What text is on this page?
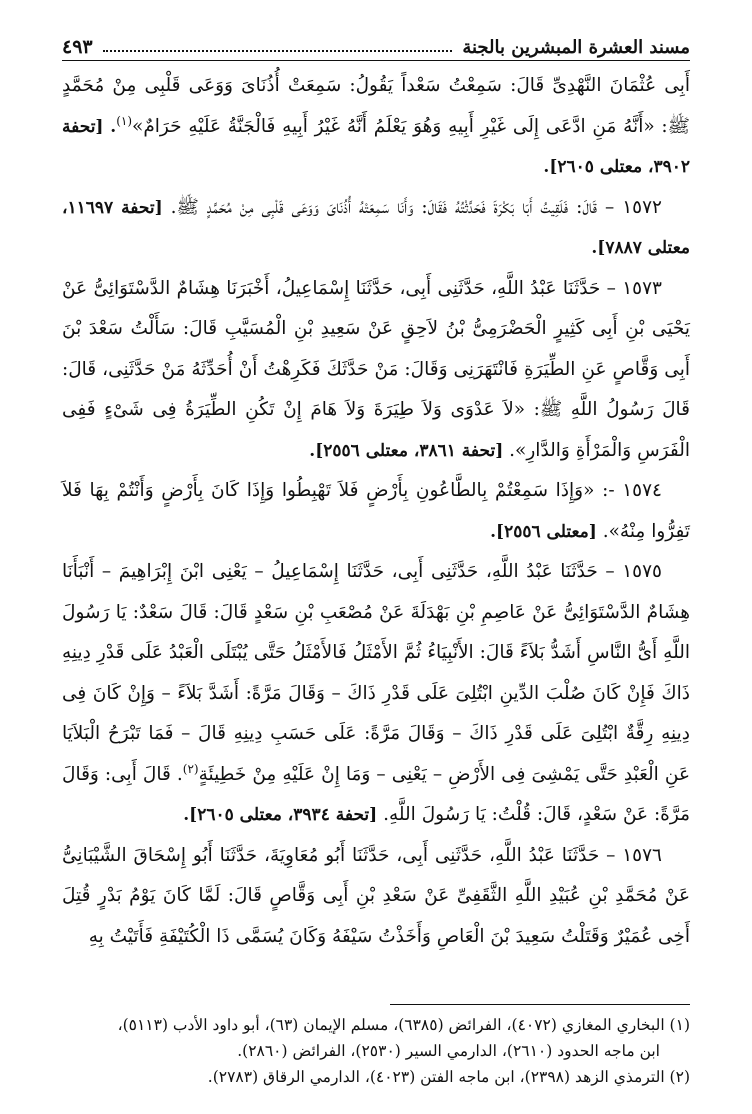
مسند العشرة المبشرين بالجنة
٤٩٣

أَبِى عُثْمَانَ النَّهْدِىِّ قَالَ: سَمِعْتُ سَعْداً يَقُولُ: سَمِعَتْ أُذُنَاىَ وَوَعَى قَلْبِى مِنْ مُحَمَّدٍ ﷺ: «أَنَّهُ مَنِ ادَّعَى إِلَى غَيْرِ أَبِيهِ وَهُوَ يَعْلَمُ أَنَّهُ غَيْرُ أَبِيهِ فَالْجَنَّةُ عَلَيْهِ حَرَامٌ»$^{(١)}$. [تحفة ٣٩٠٢، معتلى ٢٦٠٥].

١٥٧٢ – قَالَ: فَلَقِيتُ أَبَا بَكْرَةَ فَحَدَّثْتُهُ فَقَالَ: وَأَنَا سَمِعَتْهُ أُذُنَاىَ وَوَعَى قَلْبِى مِنْ مُحَمَّدٍ ﷺ. [تحفة ١١٦٩٧، معتلى ٧٨٨٧].

١٥٧٣ – حَدَّثَنَا عَبْدُ اللَّهِ، حَدَّثَنِى أَبِى، حَدَّثَنَا إِسْمَاعِيلُ، أَخْبَرَنَا هِشَامٌ الدَّسْتَوَائِىُّ عَنْ يَحْيَى بْنِ أَبِى كَثِيرٍ الْحَضْرَمِىُّ بْنُ لاَحِقٍ عَنْ سَعِيدِ بْنِ الْمُسَيَّبِ قَالَ: سَأَلْتُ سَعْدَ بْنَ أَبِى وَقَّاصٍ عَنِ الطِّيَرَةِ فَانْتَهَرَنِى وَقَالَ: مَنْ حَدَّثَكَ فَكَرِهْتُ أَنْ أُحَدِّثَهُ مَنْ حَدَّثَنِى، قَالَ: قَالَ رَسُولُ اللَّهِ ﷺ: «لاَ عَدْوَى وَلاَ طِيَرَةَ وَلاَ هَامَ إِنْ تَكُنِ الطِّيَرَةُ فِى شَىْءٍ فَفِى الْفَرَسِ وَالْمَرْأَةِ وَالدَّارِ». [تحفة ٣٨٦١، معتلى ٢٥٥٦].

١٥٧٤ -: «وَإِذَا سَمِعْتُمْ بِالطَّاعُونِ بِأَرْضٍ فَلاَ تَهْبِطُوا وَإِذَا كَانَ بِأَرْضٍ وَأَنْتُمْ بِهَا فَلاَ تَفِرُّوا مِنْهُ». [معتلى ٢٥٥٦].

١٥٧٥ – حَدَّثَنَا عَبْدُ اللَّهِ، حَدَّثَنِى أَبِى، حَدَّثَنَا إِسْمَاعِيلُ – يَعْنِى ابْنَ إِبْرَاهِيمَ – أَنْبَأَنَا هِشَامٌ الدَّسْتَوَائِىُّ عَنْ عَاصِمِ بْنِ بَهْدَلَةَ عَنْ مُصْعَبِ بْنِ سَعْدٍ قَالَ: قَالَ سَعْدٌ: يَا رَسُولَ اللَّهِ أَىُّ النَّاسِ أَشَدُّ بَلاَءً قَالَ: الأَنْبِيَاءُ ثُمَّ الأَمْثَلُ فَالأَمْثَلُ حَتَّى يُبْتَلَى الْعَبْدُ عَلَى قَدْرِ دِينِهِ ذَاكَ فَإِنْ كَانَ صُلْبَ الدِّينِ ابْتُلِىَ عَلَى قَدْرِ ذَاكَ – وَقَالَ مَرَّةً: أَشَدَّ بَلاَءً – وَإِنْ كَانَ فِى دِينِهِ رِقَّةٌ ابْتُلِىَ عَلَى قَدْرِ ذَاكَ – وَقَالَ مَرَّةً: عَلَى حَسَبِ دِينِهِ قَالَ – فَمَا تَبْرَحُ الْبَلاَيَا عَنِ الْعَبْدِ حَتَّى يَمْشِىَ فِى الأَرْضِ – يَعْنِى – وَمَا إِنْ عَلَيْهِ مِنْ خَطِيئَةٍ$^{(٢)}$. قَالَ أَبِى: وَقَالَ مَرَّةً: عَنْ سَعْدٍ، قَالَ: قُلْتُ: يَا رَسُولَ اللَّهِ. [تحفة ٣٩٣٤، معتلى ٢٦٠٥].

١٥٧٦ – حَدَّثَنَا عَبْدُ اللَّهِ، حَدَّثَنِى أَبِى، حَدَّثَنَا أَبُو مُعَاوِيَةَ، حَدَّثَنَا أَبُو إِسْحَاقَ الشَّيْبَانِىُّ عَنْ مُحَمَّدِ بْنِ عُبَيْدِ اللَّهِ الثَّقَفِىِّ عَنْ سَعْدِ بْنِ أَبِى وَقَّاصٍ قَالَ: لَمَّا كَانَ يَوْمُ بَدْرٍ قُتِلَ أَخِى عُمَيْرٌ وَقَتَلْتُ سَعِيدَ بْنَ الْعَاصِ وَأَخَذْتُ سَيْفَهُ وَكَانَ يُسَمَّى ذَا الْكُتَيْفَةِ فَأَتَيْتُ بِهِ

(١) البخاري المغازي (٤٠٧٢)، الفرائض (٦٣٨٥)، مسلم الإيمان (٦٣)، أبو داود الأدب (٥١١٣)،

ابن ماجه الحدود (٢٦١٠)، الدارمي السير (٢٥٣٠)، الفرائض (٢٨٦٠).

(٢) الترمذي الزهد (٢٣٩٨)، ابن ماجه الفتن (٤٠٢٣)، الدارمي الرقاق (٢٧٨٣).
